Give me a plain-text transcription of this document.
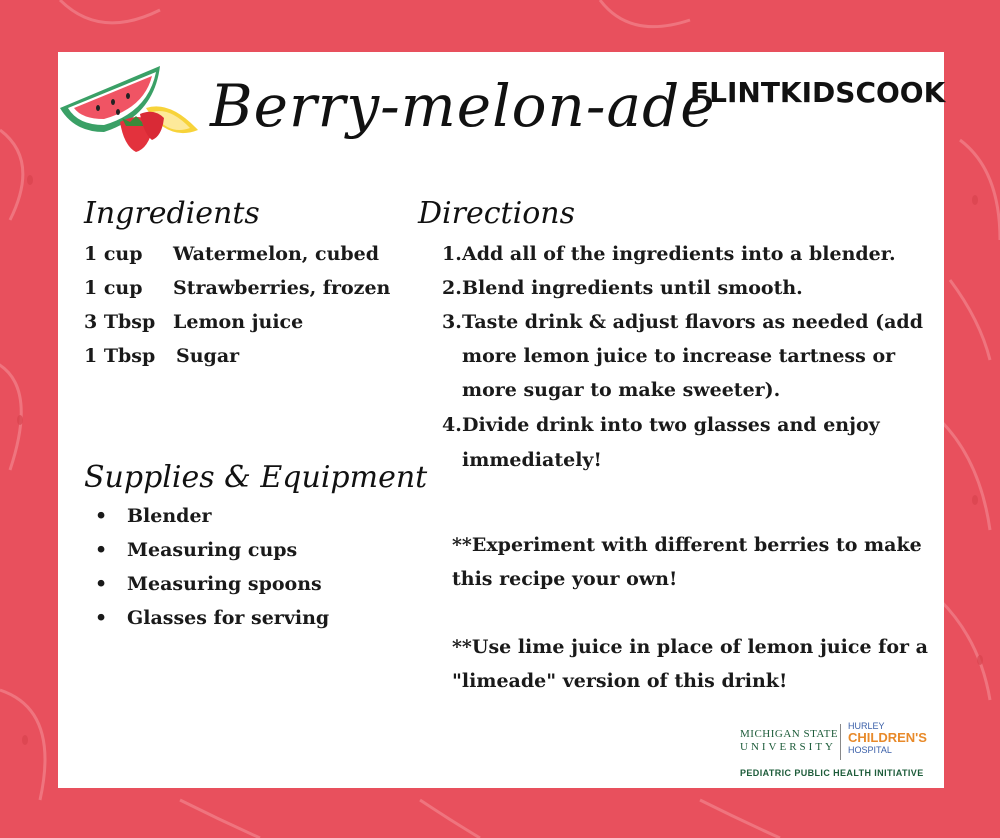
Berry-melon-ade
FLINTKIDSCOOK
Ingredients
1 cup Watermelon, cubed
1 cup Strawberries, frozen
3 Tbsp Lemon juice
1 Tbsp Sugar
Supplies & Equipment
• Blender
• Measuring cups
• Measuring spoons
• Glasses for serving
Directions
1. Add all of the ingredients into a blender.
2. Blend ingredients until smooth.
3. Taste drink & adjust flavors as needed (add
more lemon juice to increase tartness or
more sugar to make sweeter).
4. Divide drink into two glasses and enjoy
immediately!
**Experiment with different berries to make
this recipe your own!
**Use lime juice in place of lemon juice for a
"limeade" version of this drink!
MICHIGAN STATE
UNIVERSITY
HURLEY
CHILDREN'S
HOSPITAL
PEDIATRIC PUBLIC HEALTH INITIATIVE
